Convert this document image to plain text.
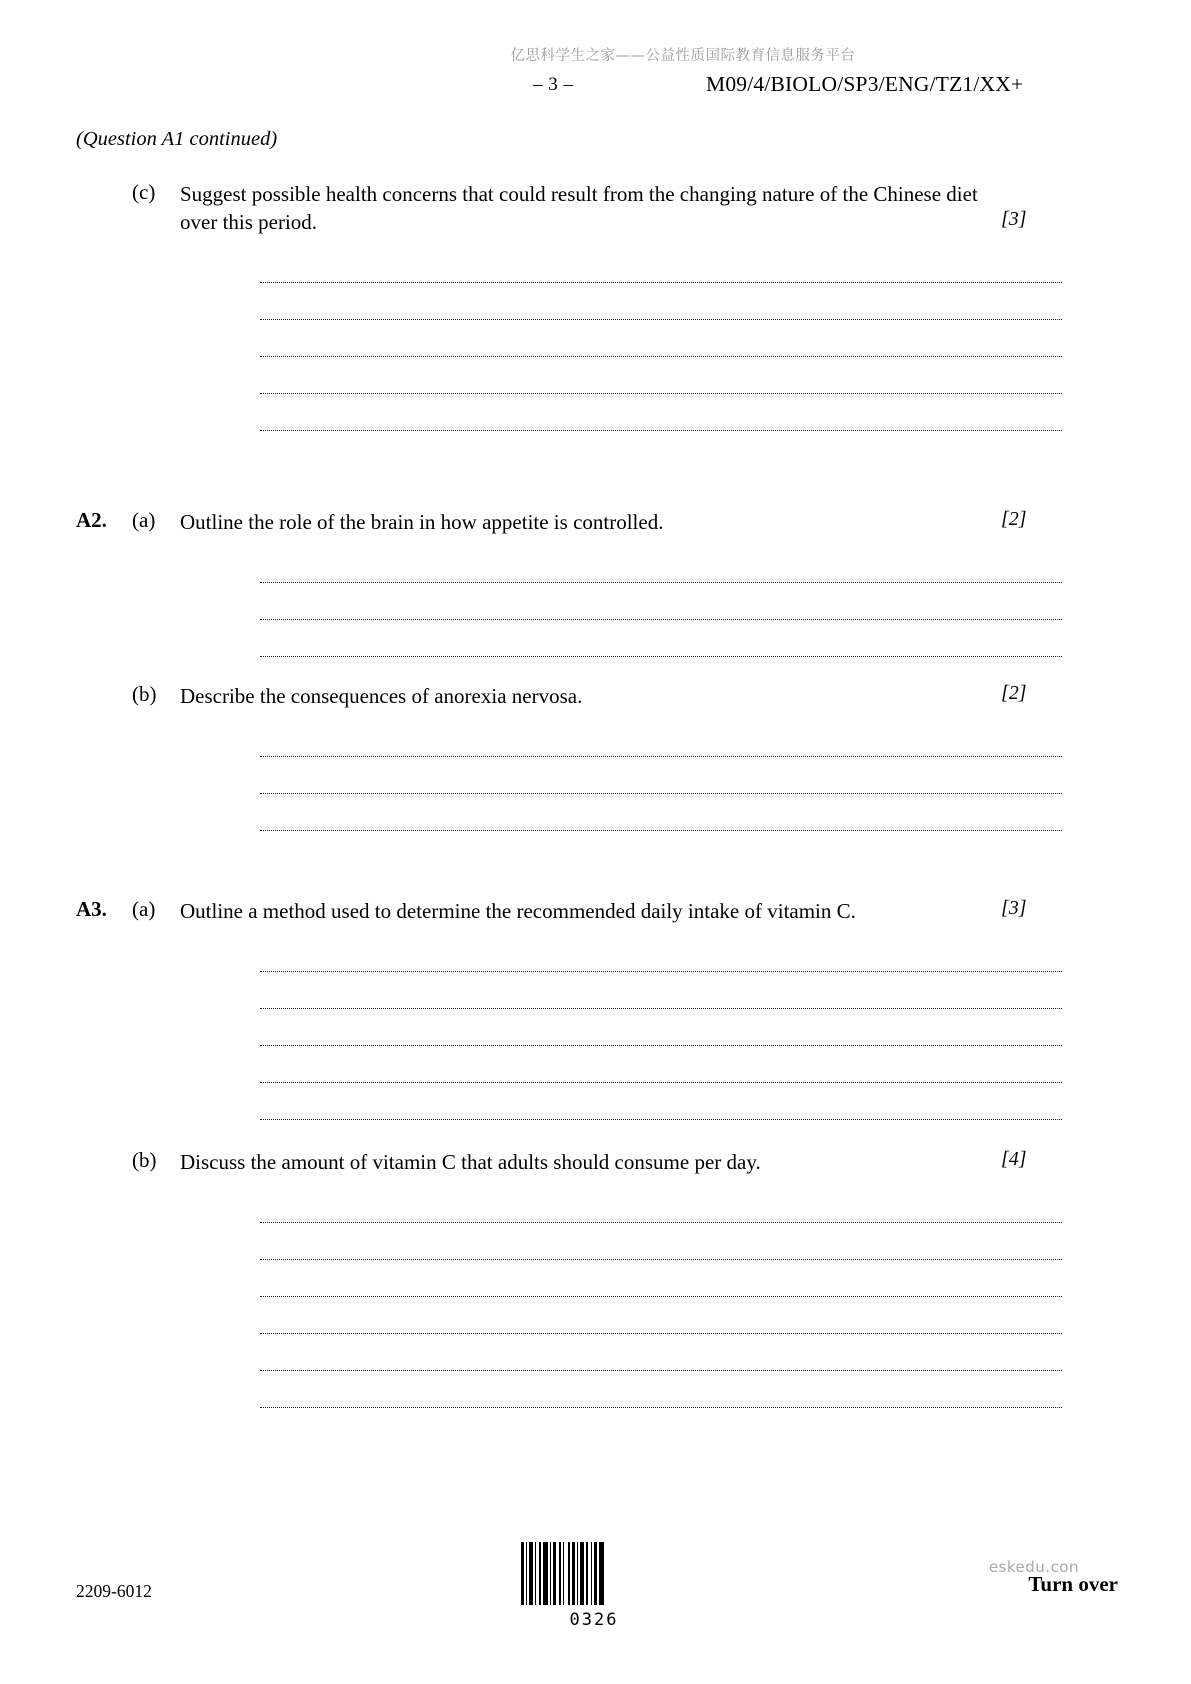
亿思科学生之家——公益性质国际教育信息服务平台
– 3 –	M09/4/BIOLO/SP3/ENG/TZ1/XX+
(Question A1 continued)
(c)	Suggest possible health concerns that could result from the changing nature of the Chinese diet over this period.	[3]
A2.	(a)	Outline the role of the brain in how appetite is controlled.	[2]
(b)	Describe the consequences of anorexia nervosa.	[2]
A3.	(a)	Outline a method used to determine the recommended daily intake of vitamin C.	[3]
(b)	Discuss the amount of vitamin C that adults should consume per day.	[4]
2209-6012
0326
eskedu.con
Turn over
